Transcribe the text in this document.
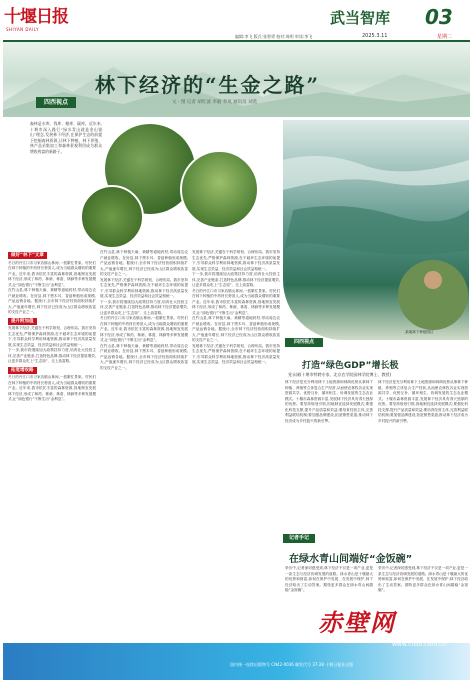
十堰日报
SHIYAN DAILY
武当智库 03
编辑:李飞 版式:张智勇 校对:周明 审读:李飞	2025.3.11	星期二
林下经济的“生金之路”
四西视点	文・图 记者 胡红波 李毅 李岚 通讯员 刘莫
某地林下种植园区
森林是水库、钱库、粮库、碳库。近年来,十堰市深入践行“绿水青山就是金山银山”理念,发展林下经济,在保护生态的前提下挖掘森林资源,让林下种植、林下养殖、林产品采集加工和森林景观利用成为群众增收致富的新路子。
做好“林下”文章

冬日的丹江口市习家店镇山林间,一派繁忙景象。村民们在林下种植的中药材长势喜人,成为当地群众增收的重要产业。近年来,我市依托丰富的森林资源,因地制宜发展林下经济,形成了林药、林菌、林禽、林蜂等多种发展模式,让“绿色银行”不断生出“金利息”。

在竹山县,林下种植天麻、黄精等道地药材,带动周边农户就业增收。在房县,林下黑木耳、香菇种植形成规模,产品远销各地。据统计,全市林下经济经营面积持续扩大,产值逐年增长,林下经济已经成为山区群众增收致富的支柱产业之一。

提升附加值

发展林下经济,关键在于科学规划、合理布局。我市坚持生态优先,严格保护森林资源,在不破坏生态环境的前提下,引导群众科学利用林地资源,推动林下经济高质量发展,实现生态效益、经济效益和社会效益相统一。

下一步,我市将继续加大政策扶持力度,培育壮大经营主体,完善产业链条,打造特色品牌,推动林下经济提质增效,让更多群众吃上“生态饭”、走上致富路。

拓宽增收路

冬日的丹江口市习家店镇山林间,一派繁忙景象。村民们在林下种植的中药材长势喜人,成为当地群众增收的重要产业。近年来,我市依托丰富的森林资源,因地制宜发展林下经济,形成了林药、林菌、林禽、林蜂等多种发展模式,让“绿色银行”不断生出“金利息”。

在竹山县,林下种植天麻、黄精等道地药材,带动周边农户就业增收。在房县,林下黑木耳、香菇种植形成规模,产品远销各地。据统计,全市林下经济经营面积持续扩大,产值逐年增长,林下经济已经成为山区群众增收致富的支柱产业之一。

发展林下经济,关键在于科学规划、合理布局。我市坚持生态优先,严格保护森林资源,在不破坏生态环境的前提下,引导群众科学利用林地资源,推动林下经济高质量发展,实现生态效益、经济效益和社会效益相统一。

下一步,我市将继续加大政策扶持力度,培育壮大经营主体,完善产业链条,打造特色品牌,推动林下经济提质增效,让更多群众吃上“生态饭”、走上致富路。

冬日的丹江口市习家店镇山林间,一派繁忙景象。村民们在林下种植的中药材长势喜人,成为当地群众增收的重要产业。近年来,我市依托丰富的森林资源,因地制宜发展林下经济,形成了林药、林菌、林禽、林蜂等多种发展模式,让“绿色银行”不断生出“金利息”。

在竹山县,林下种植天麻、黄精等道地药材,带动周边农户就业增收。在房县,林下黑木耳、香菇种植形成规模,产品远销各地。据统计,全市林下经济经营面积持续扩大,产值逐年增长,林下经济已经成为山区群众增收致富的支柱产业之一。

发展林下经济,关键在于科学规划、合理布局。我市坚持生态优先,严格保护森林资源,在不破坏生态环境的前提下,引导群众科学利用林地资源,推动林下经济高质量发展,实现生态效益、经济效益和社会效益相统一。

下一步,我市将继续加大政策扶持力度,培育壮大经营主体,完善产业链条,打造特色品牌,推动林下经济提质增效,让更多群众吃上“生态饭”、走上致富路。

冬日的丹江口市习家店镇山林间,一派繁忙景象。村民们在林下种植的中药材长势喜人,成为当地群众增收的重要产业。近年来,我市依托丰富的森林资源,因地制宜发展林下经济,形成了林药、林菌、林禽、林蜂等多种发展模式,让“绿色银行”不断生出“金利息”。

在竹山县,林下种植天麻、黄精等道地药材,带动周边农户就业增收。在房县,林下黑木耳、香菇种植形成规模,产品远销各地。据统计,全市林下经济经营面积持续扩大,产值逐年增长,林下经济已经成为山区群众增收致富的支柱产业之一。

发展林下经济,关键在于科学规划、合理布局。我市坚持生态优先,严格保护森林资源,在不破坏生态环境的前提下,引导群众科学利用林地资源,推动林下经济高质量发展,实现生态效益、经济效益和社会效益相统一。

四西视点
打造“绿色GDP”增长极
党永刚(十堰市特聘专家、北京农学院园林学院博士、教授)
林下经济是充分利用林下土地资源和林荫优势从事林下种植、养殖等立体复合生产经营,从而使农林牧各业实现资源共享、优势互补、循环相生、协调发展的生态农业模式。十堰市森林资源丰富,发展林下经济具有得天独厚的优势。要坚持规划引领,因地制宜选择发展模式;要强化科技支撑,提升产品质量和效益;要培育经营主体,完善利益联结机制;要加强品牌建设,拓宽销售渠道,推动林下经济成为乡村振兴的新引擎。
林下经济是充分利用林下土地资源和林荫优势从事林下种植、养殖等立体复合生产经营,从而使农林牧各业实现资源共享、优势互补、循环相生、协调发展的生态农业模式。十堰市森林资源丰富,发展林下经济具有得天独厚的优势。要坚持规划引领,因地制宜选择发展模式;要强化科技支撑,提升产品质量和效益;要培育经营主体,完善利益联结机制;要加强品牌建设,拓宽销售渠道,推动林下经济成为乡村振兴的新引擎。
记者手记
在绿水青山间端好“金饭碗”
采访中,记者深切感受到,林下经济不仅是一项产业,更是一条生态与经济协调发展的道路。绿水青山是十堰最大的优势和财富,如何在保护中发展、在发展中保护,林下经济给出了生动答案。期待更多群众在绿水青山间端稳“金饭碗”。
采访中,记者深切感受到,林下经济不仅是一项产业,更是一条生态与经济协调发展的道路。绿水青山是十堰最大的优势和财富,如何在保护中发展、在发展中保护,林下经济给出了生动答案。期待更多群众在绿水青山间端稳“金饭碗”。
赤壁网
www.chibi.com.cn
国内统一连续出版物号 CN42-0036 邮发代号 37-28 十堰日报社出版
